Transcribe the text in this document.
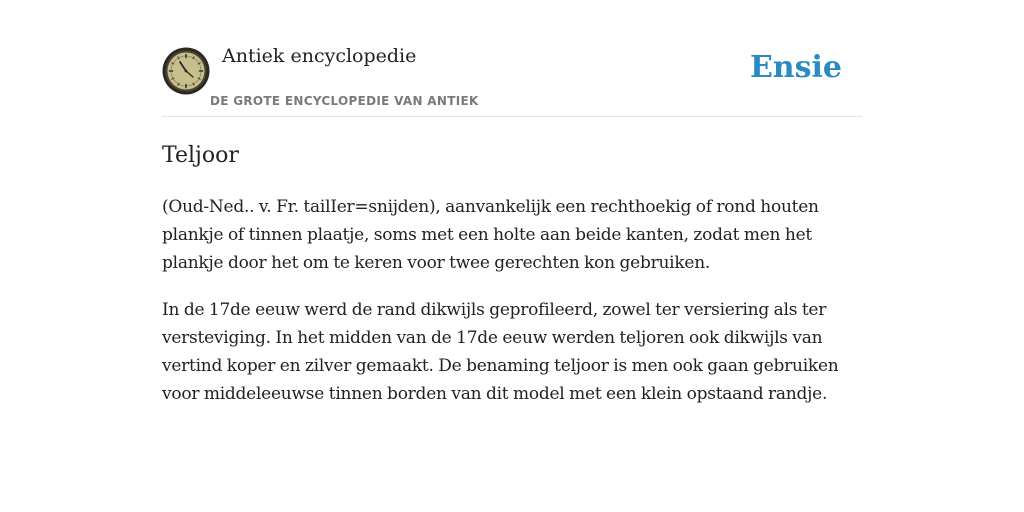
Antiek encyclopedie
DE GROTE ENCYCLOPEDIE VAN ANTIEK
Ensie
Teljoor

(Oud-Ned.. v. Fr. tailIer=snijden), aanvankelijk een rechthoekig of rond houten plankje of tinnen plaatje, soms met een holte aan beide kanten, zodat men het plankje door het om te keren voor twee gerechten kon gebruiken.

In de 17de eeuw werd de rand dikwijls geprofileerd, zowel ter versiering als ter versteviging. In het midden van de 17de eeuw werden teljoren ook dikwijls van vertind koper en zilver gemaakt. De benaming teljoor is men ook gaan gebruiken voor middeleeuwse tinnen borden van dit model met een klein opstaand randje.
